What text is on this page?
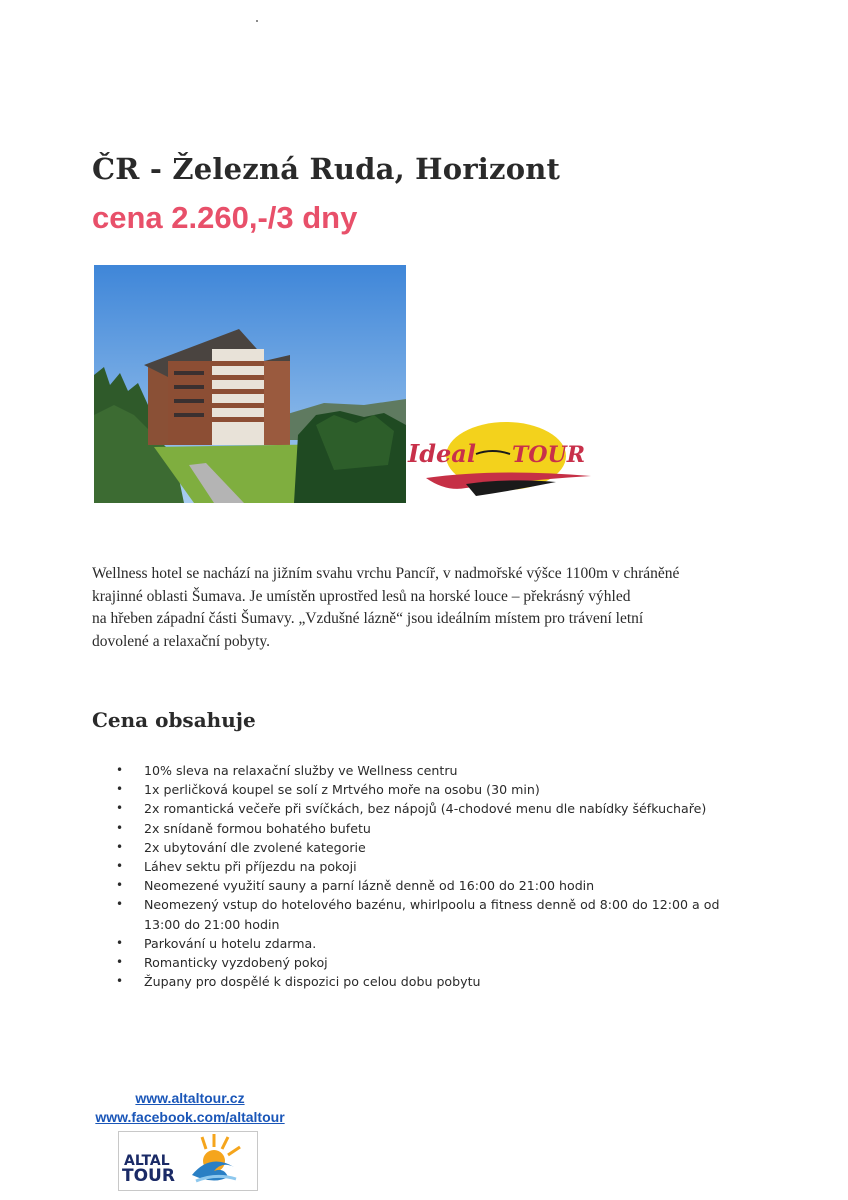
ČR - Železná Ruda, Horizont
cena 2.260,-/3 dny
Ideal TOUR
Wellness hotel se nachází na jižním svahu vrchu Pancíř, v nadmořské výšce 1100m v chráněné
krajinné oblasti Šumava. Je umístěn uprostřed lesů na horské louce – překrásný výhled
na hřeben západní části Šumavy. „Vzdušné lázně“ jsou ideálním místem pro trávení letní
dovolené a relaxační pobyty.
Cena obsahuje
• 10% sleva na relaxační služby ve Wellness centru
• 1x perličková koupel se solí z Mrtvého moře na osobu (30 min)
• 2x romantická večeře při svíčkách, bez nápojů (4-chodové menu dle nabídky šéfkuchaře)
• 2x snídaně formou bohatého bufetu
• 2x ubytování dle zvolené kategorie
• Láhev sektu při příjezdu na pokoji
• Neomezené využití sauny a parní lázně denně od 16:00 do 21:00 hodin
• Neomezený vstup do hotelového bazénu, whirlpoolu a fitness denně od 8:00 do 12:00 a od
13:00 do 21:00 hodin
• Parkování u hotelu zdarma.
• Romanticky vyzdobený pokoj
• Župany pro dospělé k dispozici po celou dobu pobytu
www.altaltour.cz
www.facebook.com/altaltour
ALTAL
TOUR
